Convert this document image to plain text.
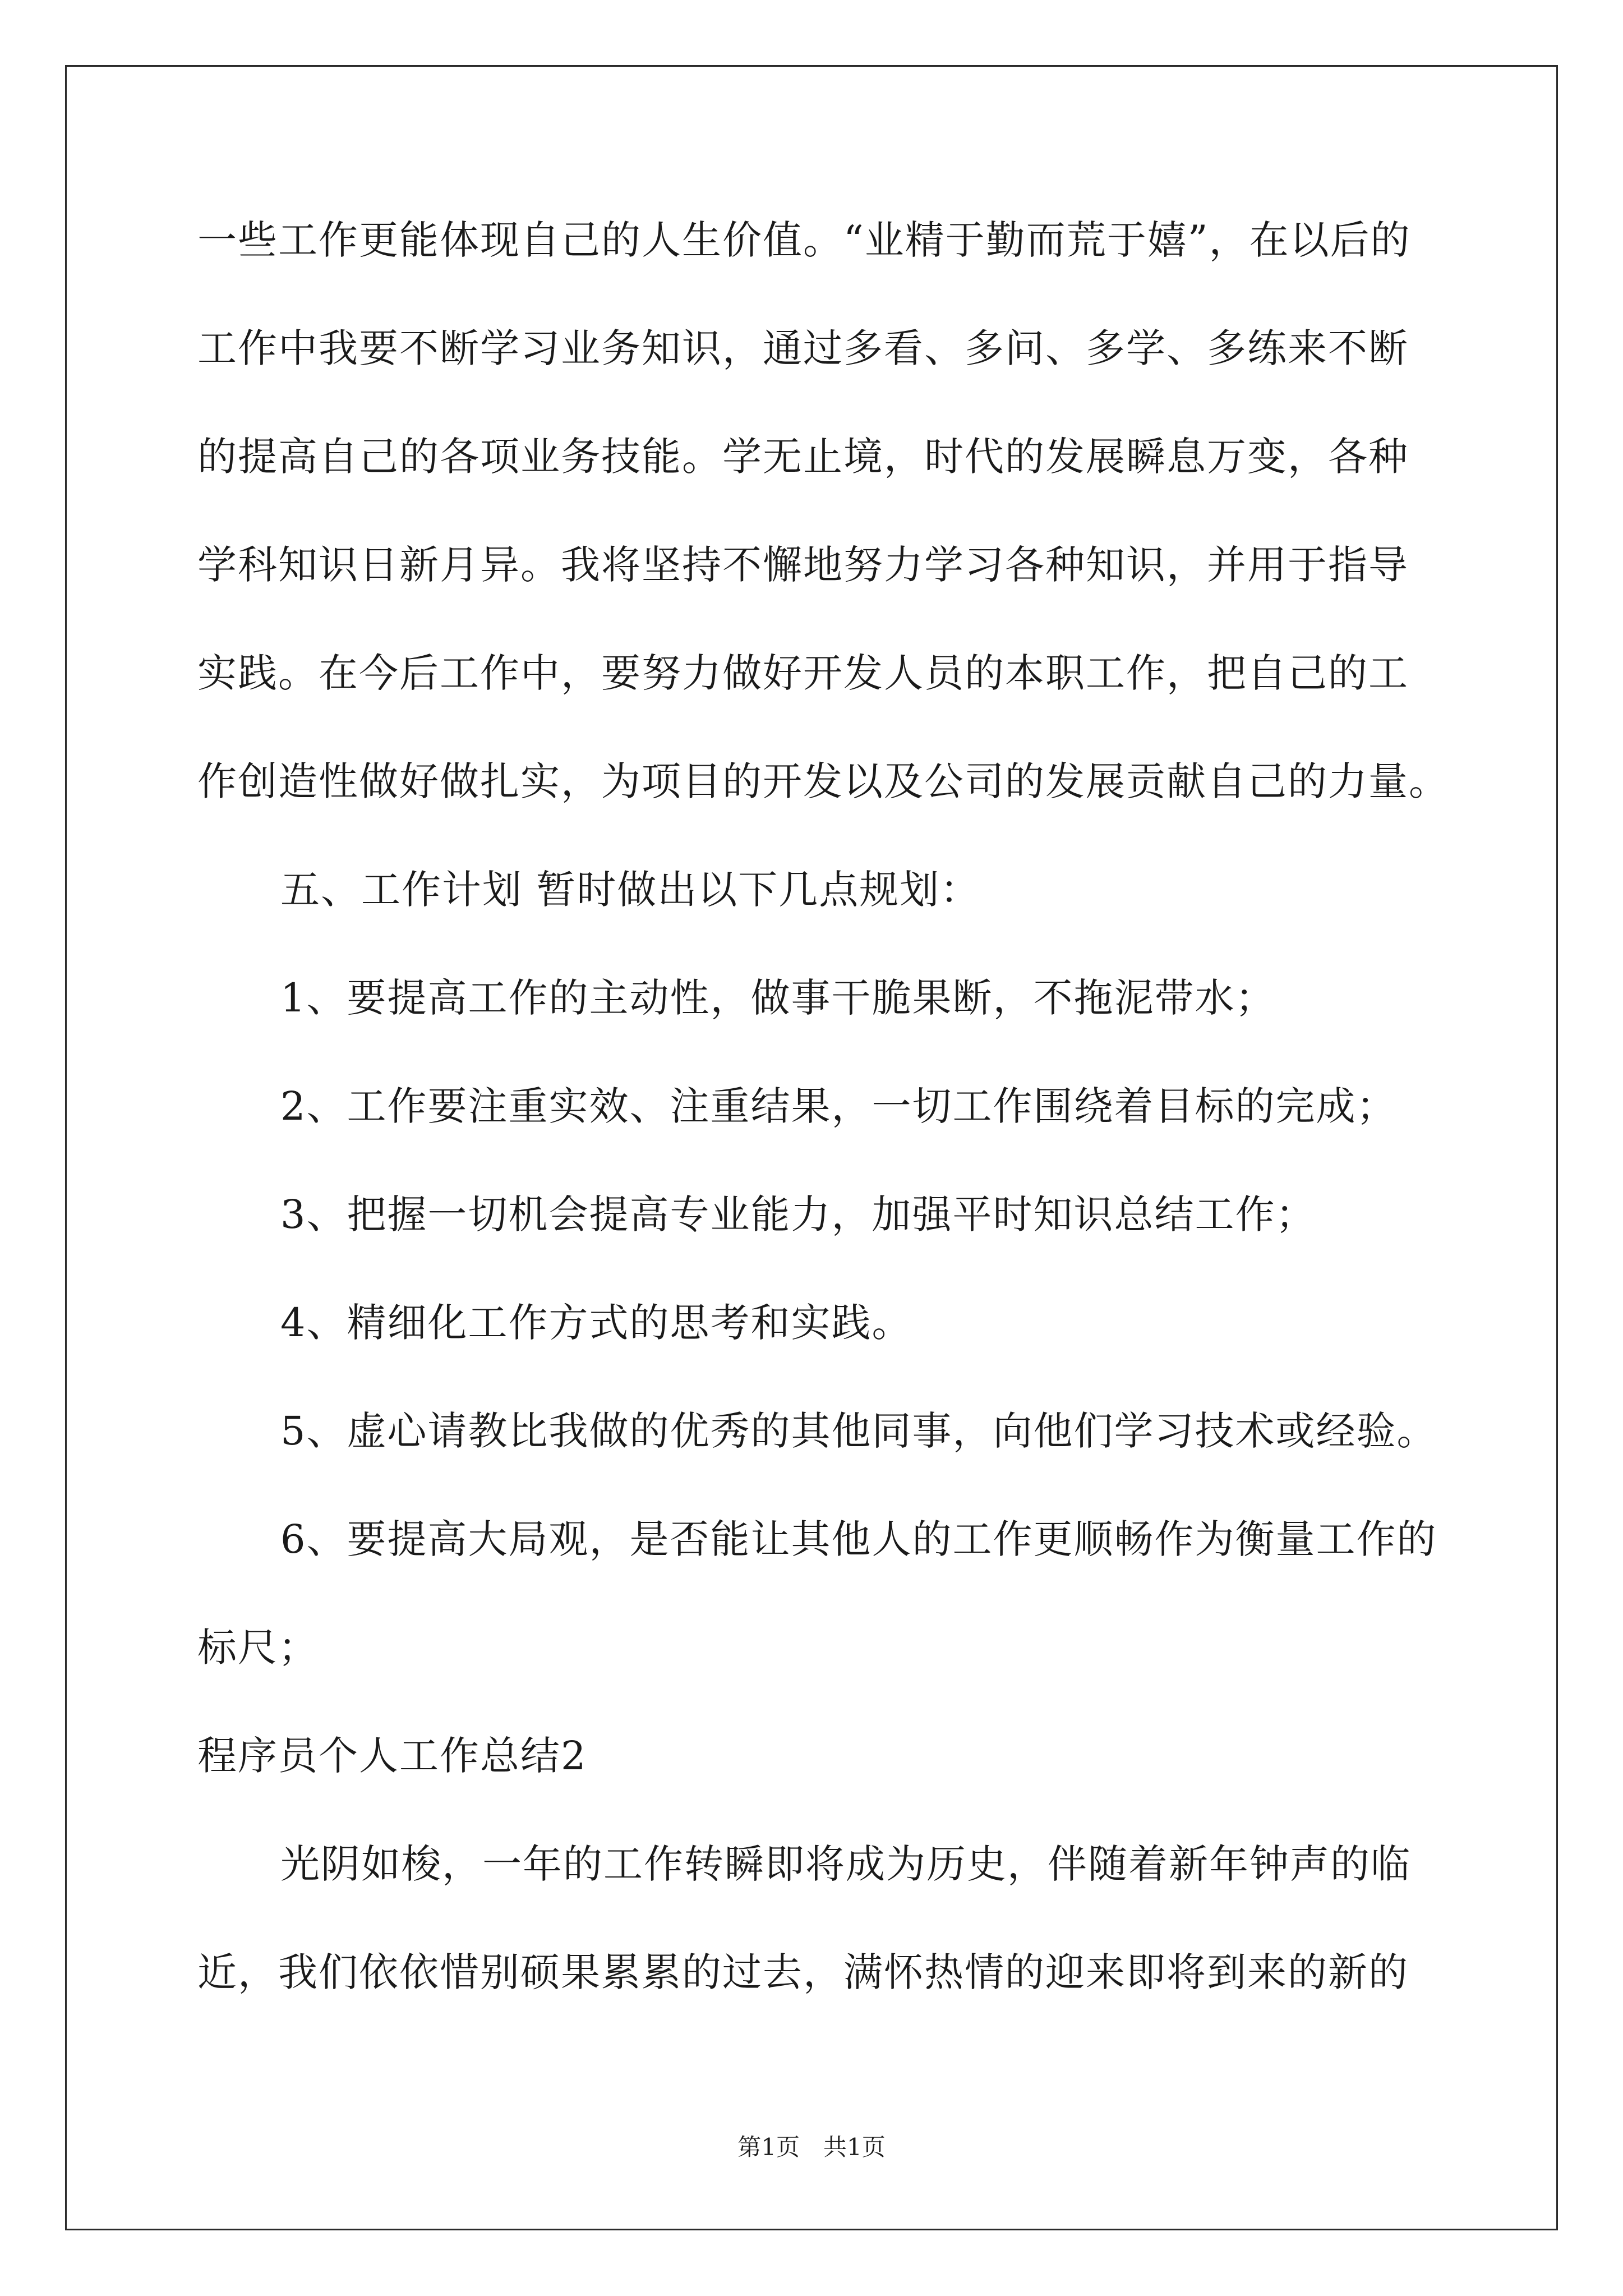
一些工作更能体现自己的人生价值。“业精于勤而荒于嬉”，在以后的
工作中我要不断学习业务知识，通过多看、多问、多学、多练来不断
的提高自己的各项业务技能。学无止境，时代的发展瞬息万变，各种
学科知识日新月异。我将坚持不懈地努力学习各种知识，并用于指导
实践。在今后工作中，要努力做好开发人员的本职工作，把自己的工
作创造性做好做扎实，为项目的开发以及公司的发展贡献自己的力量。
五、工作计划 暂时做出以下几点规划：
1、要提高工作的主动性，做事干脆果断，不拖泥带水；
2、工作要注重实效、注重结果，一切工作围绕着目标的完成；
3、把握一切机会提高专业能力，加强平时知识总结工作；
4、精细化工作方式的思考和实践。
5、虚心请教比我做的优秀的其他同事，向他们学习技术或经验。
6、要提高大局观，是否能让其他人的工作更顺畅作为衡量工作的
标尺；
程序员个人工作总结2
光阴如梭，一年的工作转瞬即将成为历史，伴随着新年钟声的临
近，我们依依惜别硕果累累的过去，满怀热情的迎来即将到来的新的
第1页　共1页
